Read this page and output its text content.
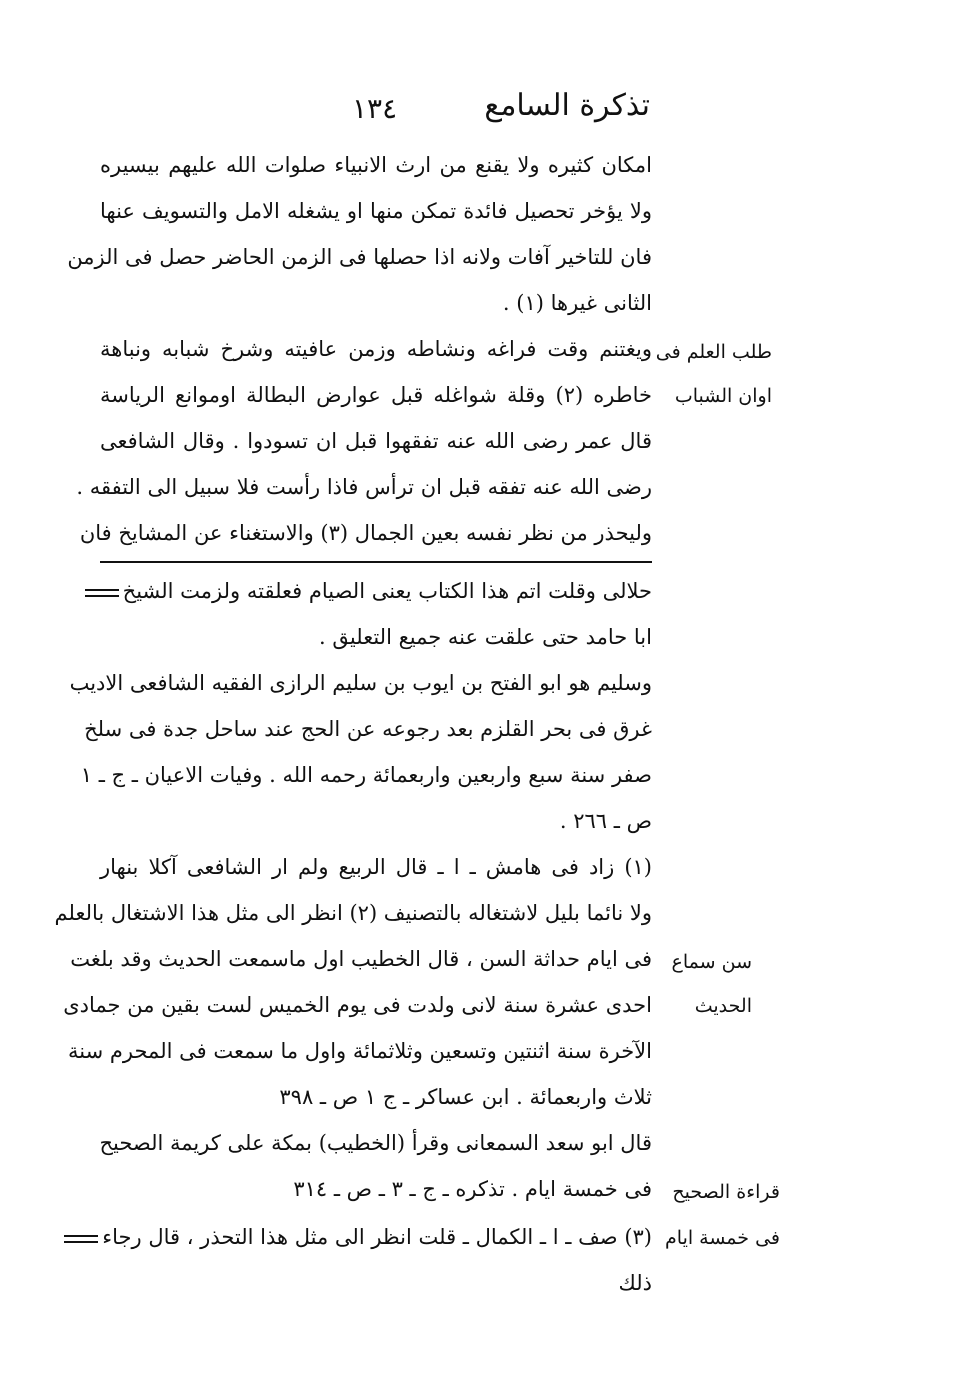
تذكرة السامع
١٣٤
امكان كثيره ولا يقنع من ارث الانبياء صلوات الله عليهم بيسيره
ولا يؤخر تحصيل فائدة تمكن منها او يشغله الامل والتسويف عنها
فان للتاخير آفات ولانه اذا حصلها فى الزمن الحاضر حصل فى الزمن
الثانى غيرها (١) .
ويغتنم وقت فراغه ونشاطه وزمن عافيته وشرخ شبابه ونباهة
خاطره (٢) وقلة شواغله قبل عوارض البطالة اوموانع الرياسة
قال عمر رضى الله عنه تفقهوا قبل ان تسودوا . وقال الشافعى
رضى الله عنه تفقه قبل ان ترأس فاذا رأست فلا سبيل الى التفقه .
وليحذر من نظر نفسه بعين الجمال (٣) والاستغناء عن المشايخ فان
طلب العلم فى
اوان الشباب
حلالى وقلت اتم هذا الكتاب يعنى الصيام فعلقته ولزمت الشيخ
ابا حامد حتى علقت عنه جميع التعليق .
وسليم هو ابو الفتح بن ايوب بن سليم الرازى الفقيه الشافعى الاديب
غرق فى بحر القلزم بعد رجوعه عن الحج عند ساحل جدة فى سلخ
صفر سنة سبع واربعين واربعمائة رحمه الله . وفيات الاعيان ـ ج ـ ١
ص ـ ٢٦٦ .
(١) زاد فى هامش ـ ا ـ قال الربيع ولم ار الشافعى آكلا بنهار
ولا نائما بليل لاشتغاله بالتصنيف (٢) انظر الى مثل هذا الاشتغال بالعلم
فى ايام حداثة السن ، قال الخطيب اول ماسمعت الحديث وقد بلغت
احدى عشرة سنة لانى ولدت فى يوم الخميس لست بقين من جمادى
الآخرة سنة اثنتين وتسعين وثلاثمائة واول ما سمعت فى المحرم سنة
ثلاث واربعمائة . ابن عساكر ـ ج ١ ص ـ ٣٩٨
قال ابو سعد السمعانى وقرأ (الخطيب) بمكة على كريمة الصحيح
فى خمسة ايام . تذكره ـ ج ـ ٣ ـ ص ـ ٣١٤
(٣) صف ـ ا ـ الكمال ـ قلت انظر الى مثل هذا التحذر ، قال رجاء
ذلك
سن سماع
الحديث
قراءة الصحيح
فى خمسة ايام
